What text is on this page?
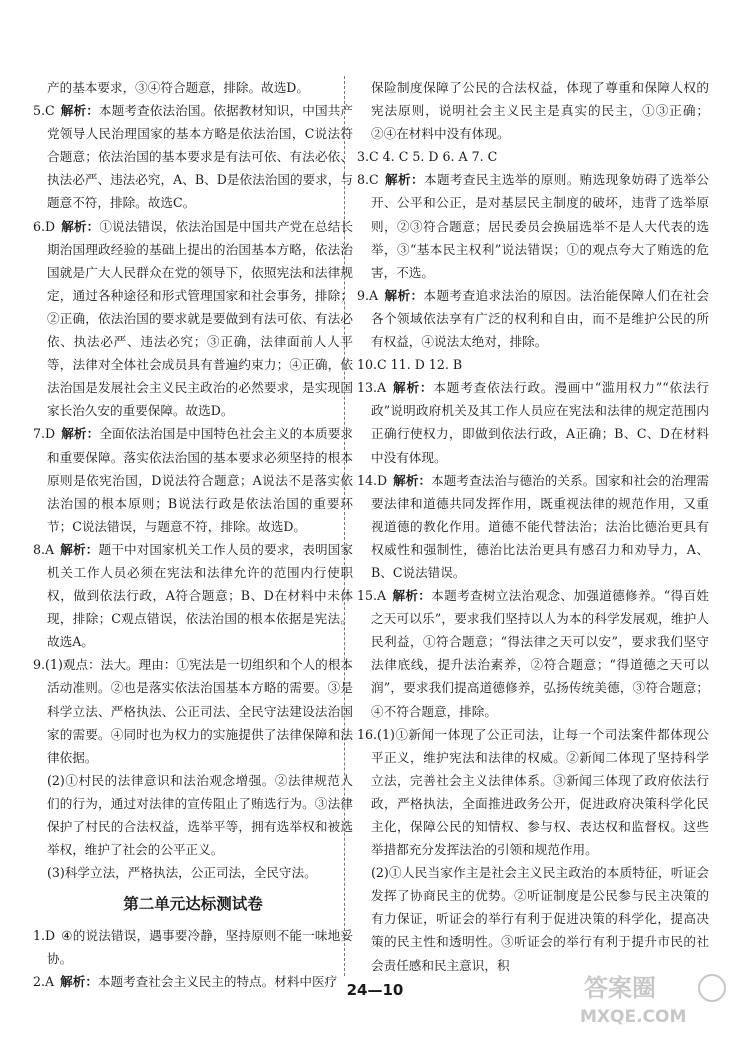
产的基本要求，③④符合题意，排除。故选D。

5.C 解析：本题考查依法治国。依据教材知识，中国共产党领导人民治理国家的基本方略是依法治国，C说法符合题意；依法治国的基本要求是有法可依、有法必依、执法必严、违法必究，A、B、D是依法治国的要求，与题意不符，排除。故选C。

6.D 解析：①说法错误，依法治国是中国共产党在总结长期治国理政经验的基础上提出的治国基本方略，依法治国就是广大人民群众在党的领导下，依照宪法和法律规定，通过各种途径和形式管理国家和社会事务，排除；②正确，依法治国的要求就是要做到有法可依、有法必依、执法必严、违法必究；③正确，法律面前人人平等，法律对全体社会成员具有普遍约束力；④正确，依法治国是发展社会主义民主政治的必然要求，是实现国家长治久安的重要保障。故选D。

7.D 解析：全面依法治国是中国特色社会主义的本质要求和重要保障。落实依法治国的基本要求必须坚持的根本原则是依宪治国，D说法符合题意；A说法不是落实依法治国的根本原则；B说法行政是依法治国的重要环节；C说法错误，与题意不符，排除。故选D。

8.A 解析：题干中对国家机关工作人员的要求，表明国家机关工作人员必须在宪法和法律允许的范围内行使职权，做到依法行政，A符合题意；B、D在材料中未体现，排除；C观点错误，依法治国的根本依据是宪法。故选A。

9.(1)观点：法大。理由：①宪法是一切组织和个人的根本活动准则。②也是落实依法治国基本方略的需要。③是科学立法、严格执法、公正司法、全民守法建设法治国家的需要。④同时也为权力的实施提供了法律保障和法律依据。

(2)①村民的法律意识和法治观念增强。②法律规范人们的行为，通过对法律的宣传阻止了贿选行为。③法律保护了村民的合法权益，选举平等，拥有选举权和被选举权，维护了社会的公平正义。

(3)科学立法，严格执法，公正司法，全民守法。

第二单元达标测试卷

1.D ④的说法错误，遇事要冷静，坚持原则不能一味地妥协。

2.A 解析：本题考查社会主义民主的特点。材料中医疗

保险制度保障了公民的合法权益，体现了尊重和保障人权的宪法原则，说明社会主义民主是真实的民主，①③正确；②④在材料中没有体现。

3.C 4. C 5. D 6. A 7. C

8.C 解析：本题考查民主选举的原则。贿选现象妨碍了选举公开、公平和公正，是对基层民主制度的破坏，违背了选举原则，②③符合题意；居民委员会换届选举不是人大代表的选举，③“基本民主权利”说法错误；①的观点夸大了贿选的危害，不选。

9.A 解析：本题考查追求法治的原因。法治能保障人们在社会各个领域依法享有广泛的权利和自由，而不是维护公民的所有权益，④说法太绝对，排除。

10.C 11. D 12. B

13.A 解析：本题考查依法行政。漫画中“滥用权力”“依法行政”说明政府机关及其工作人员应在宪法和法律的规定范围内正确行使权力，即做到依法行政，A正确；B、C、D在材料中没有体现。

14.D 解析：本题考查法治与德治的关系。国家和社会的治理需要法律和道德共同发挥作用，既重视法律的规范作用，又重视道德的教化作用。道德不能代替法治；法治比德治更具有权威性和强制性，德治比法治更具有感召力和劝导力，A、B、C说法错误。

15.A 解析：本题考查树立法治观念、加强道德修养。“得百姓之天可以乐”，要求我们坚持以人为本的科学发展观，维护人民利益，①符合题意；“得法律之天可以安”，要求我们坚守法律底线，提升法治素养，②符合题意；“得道德之天可以润”，要求我们提高道德修养，弘扬传统美德，③符合题意；④不符合题意，排除。

16.(1)①新闻一体现了公正司法，让每一个司法案件都体现公平正义，维护宪法和法律的权威。②新闻二体现了坚持科学立法，完善社会主义法律体系。③新闻三体现了政府依法行政，严格执法，全面推进政务公开，促进政府决策科学化民主化，保障公民的知情权、参与权、表达权和监督权。这些举措都充分发挥法治的引领和规范作用。

(2)①人民当家作主是社会主义民主政治的本质特征，听证会发挥了协商民主的优势。②听证制度是公民参与民主决策的有力保证，听证会的举行有利于促进决策的科学化，提高决策的民主性和透明性。③听证会的举行有利于提升市民的社会责任感和民主意识，积

24—10	答案圈
MXQE.COM
